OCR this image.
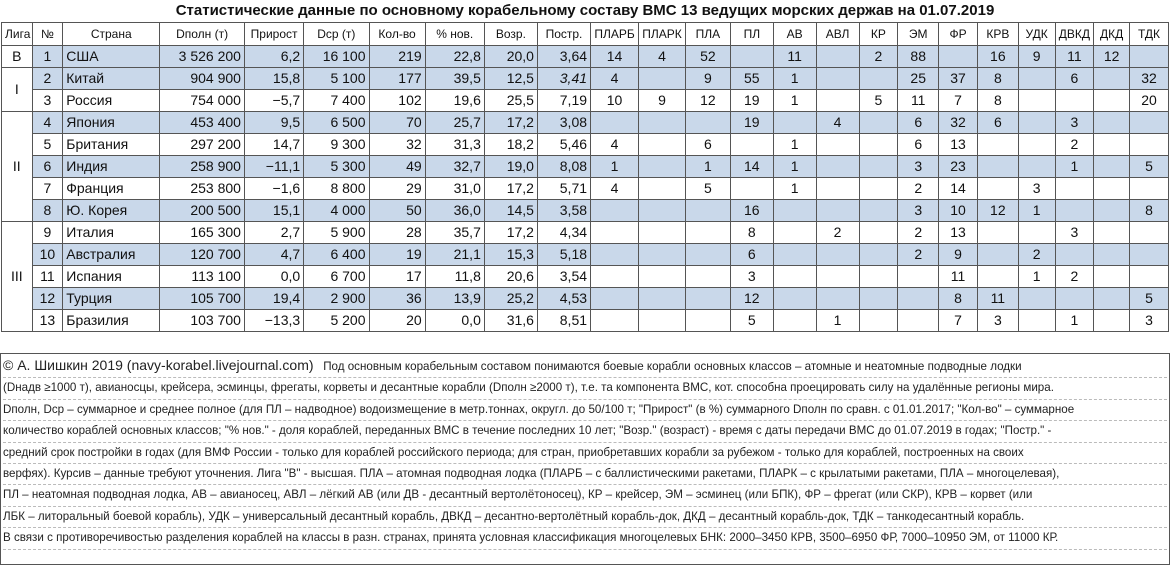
Статистические данные по основному корабельному составу ВМС 13 ведущих морских держав на 01.07.2019
Лига	№	Страна	Dполн (т)	Прирост	Dср (т)	Кол-во	% нов.	Возр.	Постр.	ПЛАРБ	ПЛАРК	ПЛА	ПЛ	АВ	АВЛ	КР	ЭМ	ФР	КРВ	УДК	ДВКД	ДКД	ТДК
В	1	США	3 526 200	6,2	16 100	219	22,8	20,0	3,64	14	4	52		11		2	88		16	9	11	12	
I	2	Китай	904 900	15,8	5 100	177	39,5	12,5	3,41	4		9	55	1			25	37	8		6		32
	3	Россия	754 000	−5,7	7 400	102	19,6	25,5	7,19	10	9	12	19	1		5	11	7	8				20
II	4	Япония	453 400	9,5	6 500	70	25,7	17,2	3,08				19		4		6	32	6		3		
	5	Британия	297 200	14,7	9 300	32	31,3	18,2	5,46	4		6		1			6	13			2		
	6	Индия	258 900	−11,1	5 300	49	32,7	19,0	8,08	1		1	14	1			3	23			1		5
	7	Франция	253 800	−1,6	8 800	29	31,0	17,2	5,71	4		5		1			2	14		3			
	8	Ю. Корея	200 500	15,1	4 000	50	36,0	14,5	3,58				16				3	10	12	1			8
III	9	Италия	165 300	2,7	5 900	28	35,7	17,2	4,34				8		2		2	13			3		
	10	Австралия	120 700	4,7	6 400	19	21,1	15,3	5,18				6				2	9		2			
	11	Испания	113 100	0,0	6 700	17	11,8	20,6	3,54				3					11		1	2		
	12	Турция	105 700	19,4	2 900	36	13,9	25,2	4,53				12					8	11				5
	13	Бразилия	103 700	−13,3	5 200	20	0,0	31,6	8,51				5		1			7	3		1		3
© А. Шишкин 2019 (navy-korabel.livejournal.com) Под основным корабельным составом понимаются боевые корабли основных классов – атомные и неатомные подводные лодки
(Dнадв ≥1000 т), авианосцы, крейсера, эсминцы, фрегаты, корветы и десантные корабли (Dполн ≥2000 т), т.е. та компонента ВМС, кот. способна проецировать силу на удалённые регионы мира.
Dполн, Dср – суммарное и среднее полное (для ПЛ – надводное) водоизмещение в метр.тоннах, округл. до 50/100 т; "Прирост" (в %) суммарного Dполн по сравн. с 01.01.2017; "Кол-во" – суммарное
количество кораблей основных классов; "% нов." - доля кораблей, переданных ВМС в течение последних 10 лет; "Возр." (возраст) - время с даты передачи ВМС до 01.07.2019 в годах; "Постр." -
средний срок постройки в годах (для ВМФ России - только для кораблей российского периода; для стран, приобретавших корабли за рубежом - только для кораблей, построенных на своих
верфях). Курсив – данные требуют уточнения. Лига "В" - высшая. ПЛА – атомная подводная лодка (ПЛАРБ – с баллистическими ракетами, ПЛАРК – с крылатыми ракетами, ПЛА – многоцелевая),
ПЛ – неатомная подводная лодка, АВ – авианосец, АВЛ – лёгкий АВ (или ДВ - десантный вертолётоносец), КР – крейсер, ЭМ – эсминец (или БПК), ФР – фрегат (или СКР), КРВ – корвет (или
ЛБК – литоральный боевой корабль), УДК – универсальный десантный корабль, ДВКД – десантно-вертолётный корабль-док, ДКД – десантный корабль-док, ТДК – танкодесантный корабль.
В связи с противоречивостью разделения кораблей на классы в разн. странах, принята условная классификация многоцелевых БНК: 2000–3450 КРВ, 3500–6950 ФР, 7000–10950 ЭМ, от 11000 КР.
